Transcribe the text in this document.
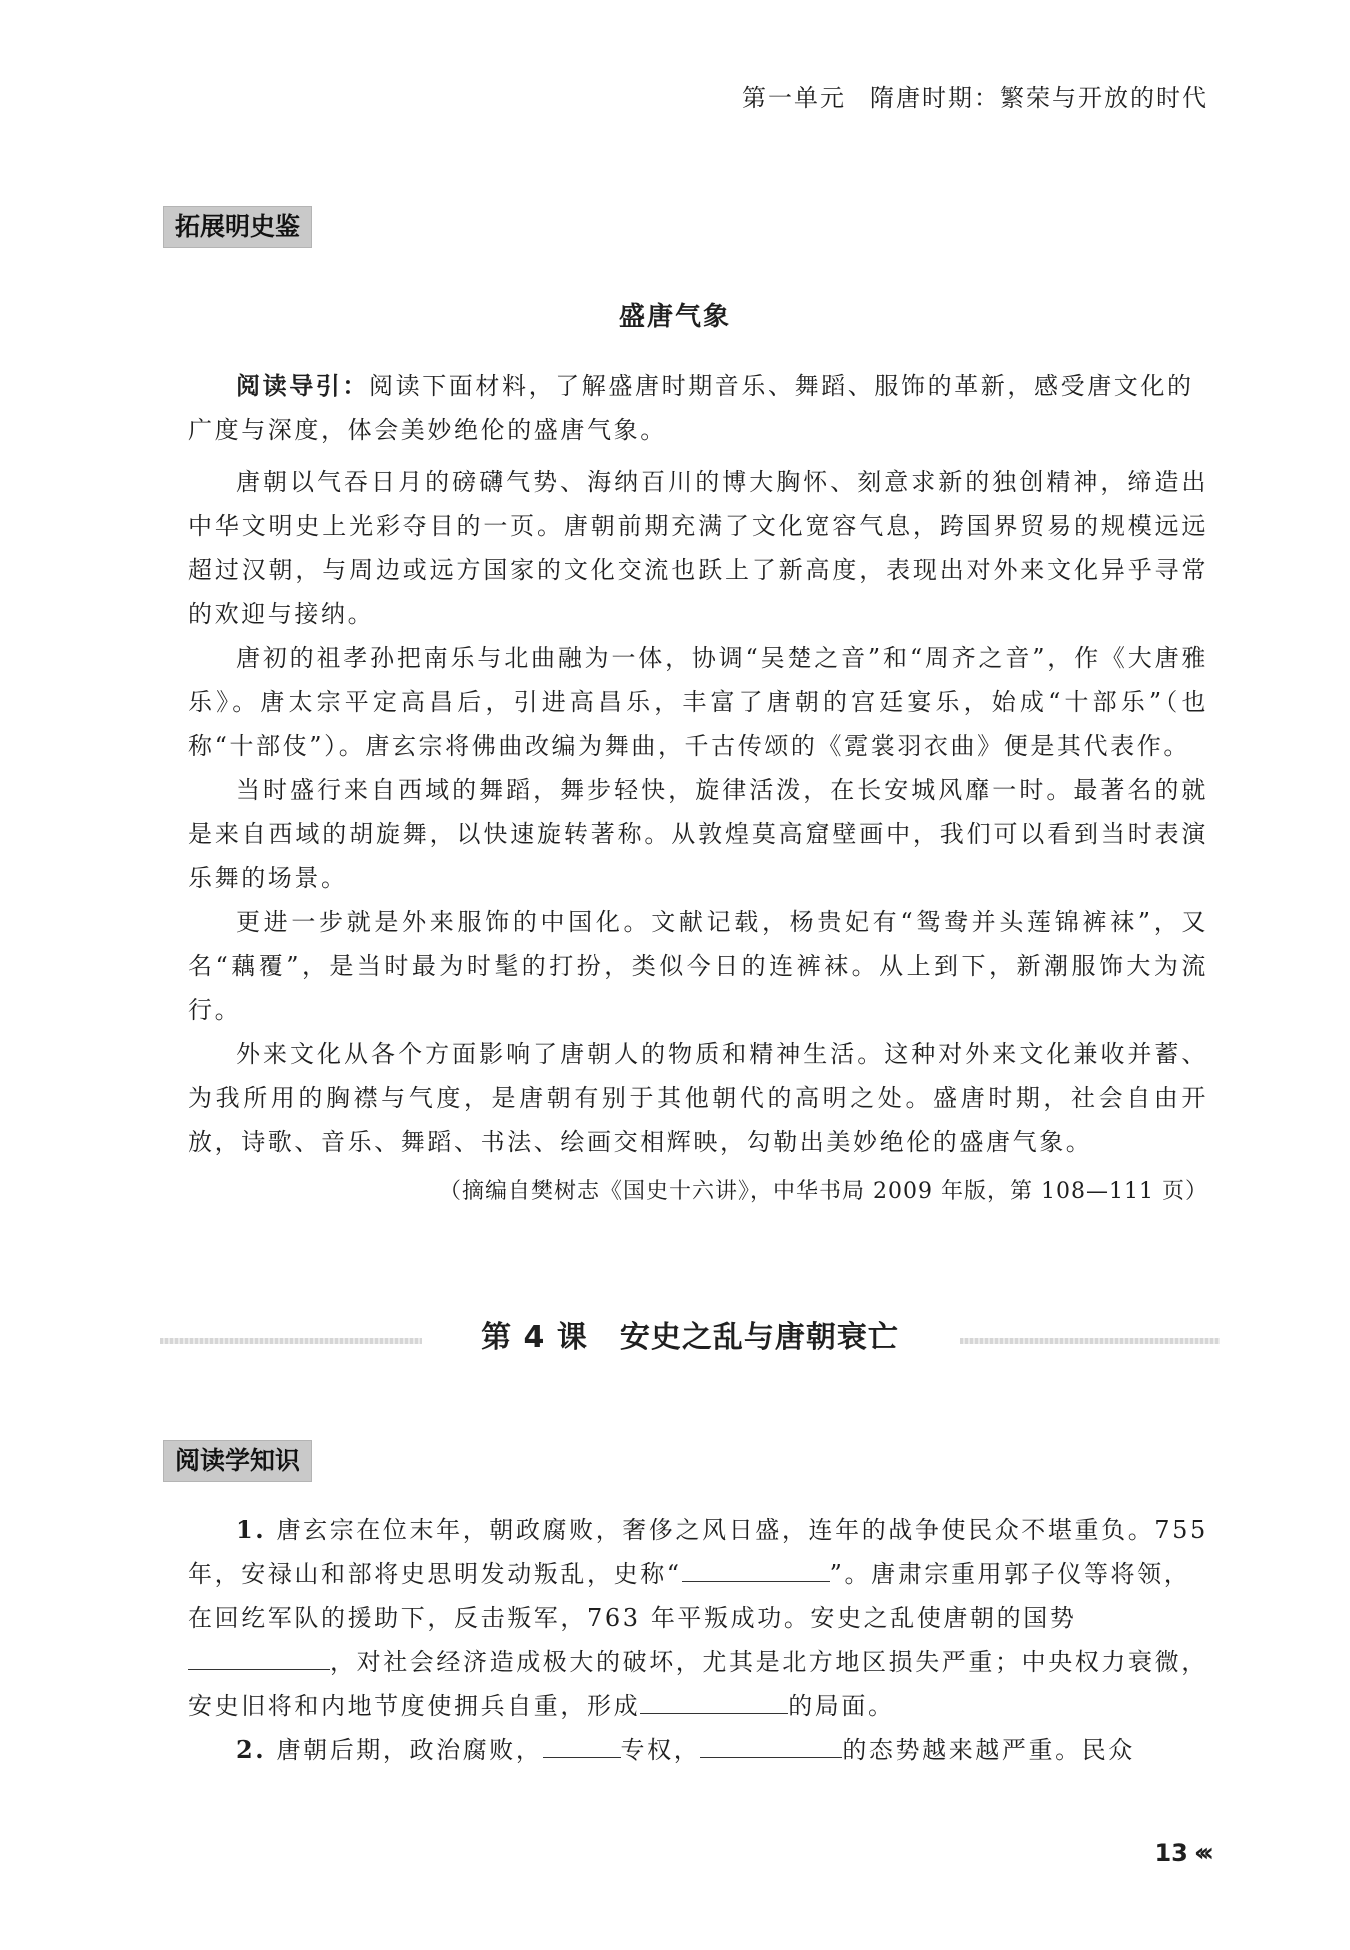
第一单元 隋唐时期：繁荣与开放的时代
拓展明史鉴
盛唐气象

阅读导引：阅读下面材料，了解盛唐时期音乐、舞蹈、服饰的革新，感受唐文化的广度与深度，体会美妙绝伦的盛唐气象。

唐朝以气吞日月的磅礴气势、海纳百川的博大胸怀、刻意求新的独创精神，缔造出中华文明史上光彩夺目的一页。唐朝前期充满了文化宽容气息，跨国界贸易的规模远远超过汉朝，与周边或远方国家的文化交流也跃上了新高度，表现出对外来文化异乎寻常的欢迎与接纳。

唐初的祖孝孙把南乐与北曲融为一体，协调“吴楚之音”和“周齐之音”，作《大唐雅乐》。唐太宗平定高昌后，引进高昌乐，丰富了唐朝的宫廷宴乐，始成“十部乐”（也称“十部伎”）。唐玄宗将佛曲改编为舞曲，千古传颂的《霓裳羽衣曲》便是其代表作。

当时盛行来自西域的舞蹈，舞步轻快，旋律活泼，在长安城风靡一时。最著名的就是来自西域的胡旋舞，以快速旋转著称。从敦煌莫高窟壁画中，我们可以看到当时表演乐舞的场景。

更进一步就是外来服饰的中国化。文献记载，杨贵妃有“鸳鸯并头莲锦裤袜”，又名“藕覆”，是当时最为时髦的打扮，类似今日的连裤袜。从上到下，新潮服饰大为流行。

外来文化从各个方面影响了唐朝人的物质和精神生活。这种对外来文化兼收并蓄、为我所用的胸襟与气度，是唐朝有别于其他朝代的高明之处。盛唐时期，社会自由开放，诗歌、音乐、舞蹈、书法、绘画交相辉映，勾勒出美妙绝伦的盛唐气象。

（摘编自樊树志《国史十六讲》，中华书局 2009 年版，第 108—111 页）
第 4 课 安史之乱与唐朝衰亡
阅读学知识

1. 唐玄宗在位末年，朝政腐败，奢侈之风日盛，连年的战争使民众不堪重负。755 年，安禄山和部将史思明发动叛乱，史称“	”。唐肃宗重用郭子仪等将领，在回纥军队的援助下，反击叛军，763 年平叛成功。安史之乱使唐朝的国势，对社会经济造成极大的破坏，尤其是北方地区损失严重；中央权力衰微，安史旧将和内地节度使拥兵自重，形成	的局面。

2. 唐朝后期，政治腐败，	专权，	的态势越来越严重。民众

13 ‹‹‹
